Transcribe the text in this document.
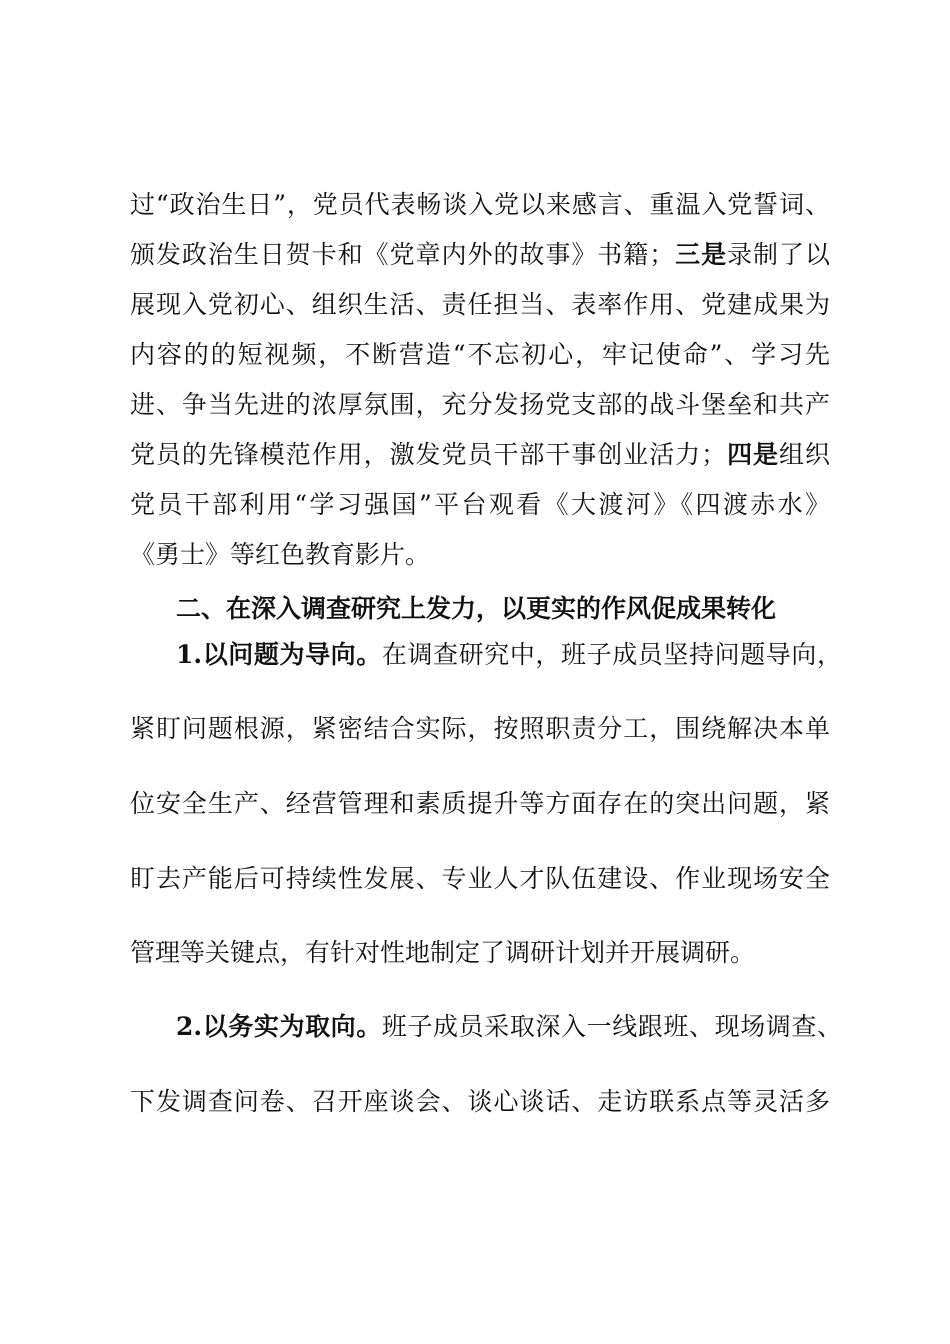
过“政治生日”，党员代表畅谈入党以来感言、重温入党誓词、
颁发政治生日贺卡和《党章内外的故事》书籍；三是录制了以
展现入党初心、组织生活、责任担当、表率作用、党建成果为
内容的的短视频，不断营造“不忘初心，牢记使命”、学习先
进、争当先进的浓厚氛围，充分发扬党支部的战斗堡垒和共产
党员的先锋模范作用，激发党员干部干事创业活力；四是组织
党员干部利用“学习强国”平台观看《大渡河》《四渡赤水》
《勇士》等红色教育影片。
二、在深入调查研究上发力，以更实的作风促成果转化
1.以问题为导向。在调查研究中，班子成员坚持问题导向，
紧盯问题根源，紧密结合实际，按照职责分工，围绕解决本单
位安全生产、经营管理和素质提升等方面存在的突出问题，紧
盯去产能后可持续性发展、专业人才队伍建设、作业现场安全
管理等关键点，有针对性地制定了调研计划并开展调研。
2.以务实为取向。班子成员采取深入一线跟班、现场调查、
下发调查问卷、召开座谈会、谈心谈话、走访联系点等灵活多
